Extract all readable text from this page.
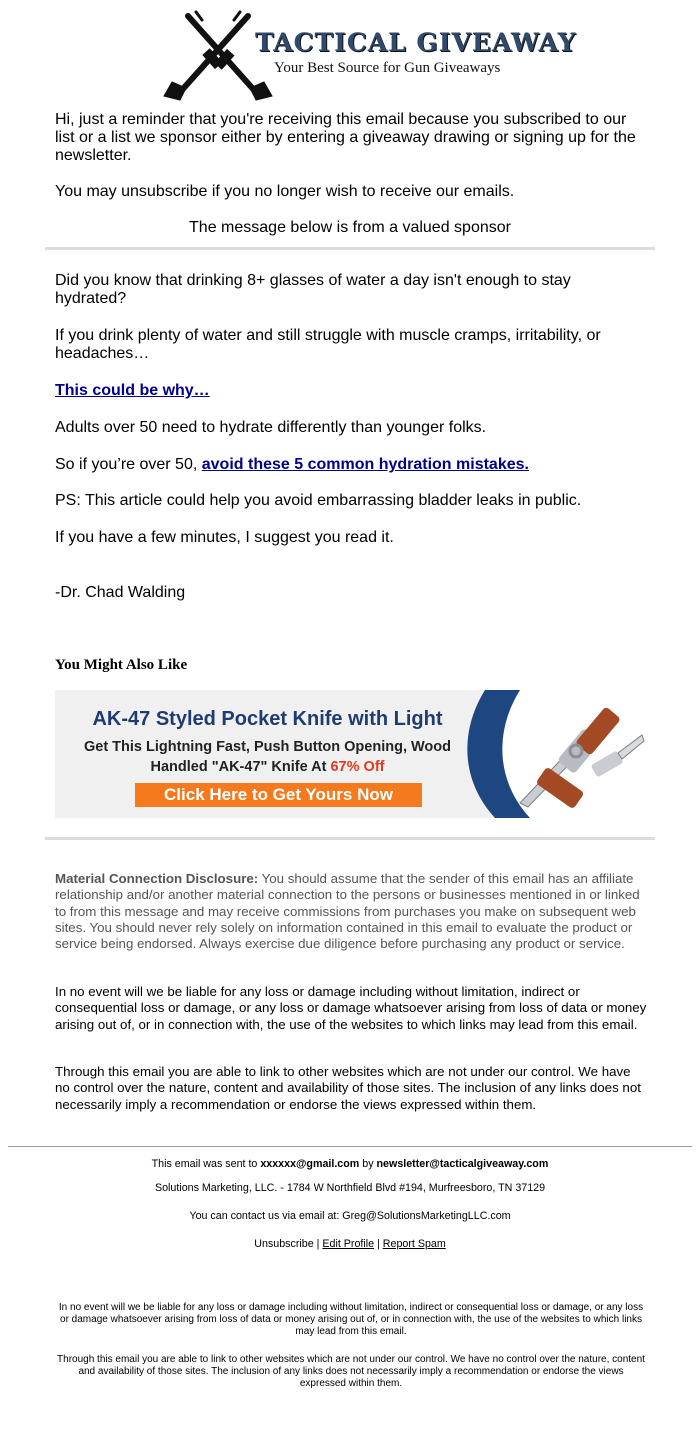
TACTICAL GIVEAWAY
Your Best Source for Gun Giveaways
Hi, just a reminder that you're receiving this email because you subscribed to our list or a list we sponsor either by entering a giveaway drawing or signing up for the newsletter.
You may unsubscribe if you no longer wish to receive our emails.
The message below is from a valued sponsor
Did you know that drinking 8+ glasses of water a day isn't enough to stay hydrated?
If you drink plenty of water and still struggle with muscle cramps, irritability, or headaches…
This could be why…
Adults over 50 need to hydrate differently than younger folks.
So if you’re over 50, avoid these 5 common hydration mistakes.
PS: This article could help you avoid embarrassing bladder leaks in public.
If you have a few minutes, I suggest you read it.
-Dr. Chad Walding
You Might Also Like
AK-47 Styled Pocket Knife with Light
Get This Lightning Fast, Push Button Opening, Wood
Handled "AK-47" Knife At 67% Off
Click Here to Get Yours Now
Material Connection Disclosure: You should assume that the sender of this email has an affiliate relationship and/or another material connection to the persons or businesses mentioned in or linked to from this message and may receive commissions from purchases you make on subsequent web sites. You should never rely solely on information contained in this email to evaluate the product or service being endorsed. Always exercise due diligence before purchasing any product or service.
In no event will we be liable for any loss or damage including without limitation, indirect or consequential loss or damage, or any loss or damage whatsoever arising from loss of data or money arising out of, or in connection with, the use of the websites to which links may lead from this email.
Through this email you are able to link to other websites which are not under our control. We have no control over the nature, content and availability of those sites. The inclusion of any links does not necessarily imply a recommendation or endorse the views expressed within them.
This email was sent to xxxxxx@gmail.com by newsletter@tacticalgiveaway.com
Solutions Marketing, LLC. - 1784 W Northfield Blvd #194, Murfreesboro, TN 37129
You can contact us via email at: Greg@SolutionsMarketingLLC.com
Unsubscribe | Edit Profile | Report Spam
In no event will we be liable for any loss or damage including without limitation, indirect or consequential loss or damage, or any loss or damage whatsoever arising from loss of data or money arising out of, or in connection with, the use of the websites to which links may lead from this email.
Through this email you are able to link to other websites which are not under our control. We have no control over the nature, content and availability of those sites. The inclusion of any links does not necessarily imply a recommendation or endorse the views expressed within them.
